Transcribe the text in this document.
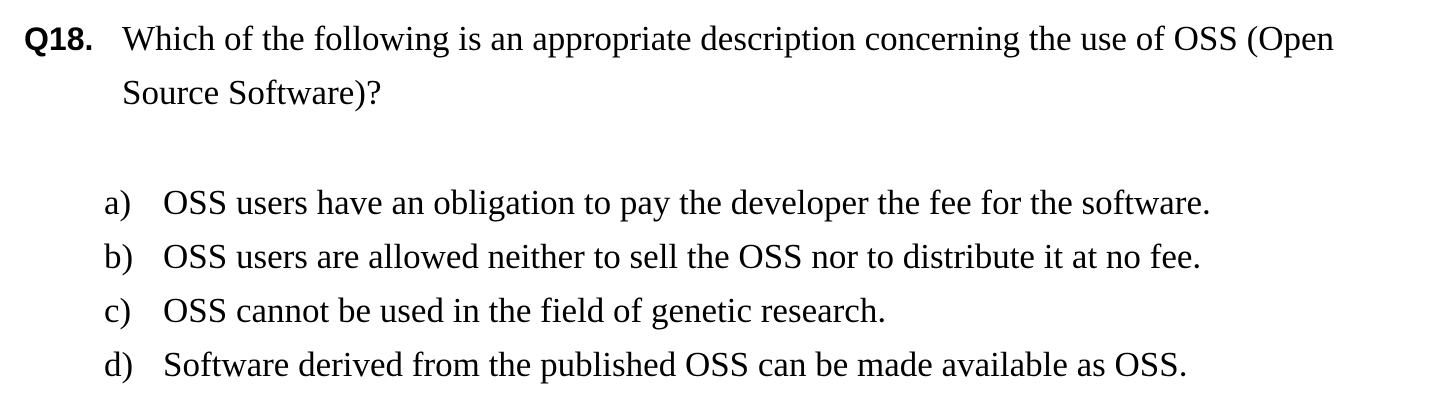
Q18. Which of the following is an appropriate description concerning the use of OSS (Open Source Software)?
a) OSS users have an obligation to pay the developer the fee for the software.
b) OSS users are allowed neither to sell the OSS nor to distribute it at no fee.
c) OSS cannot be used in the field of genetic research.
d) Software derived from the published OSS can be made available as OSS.
